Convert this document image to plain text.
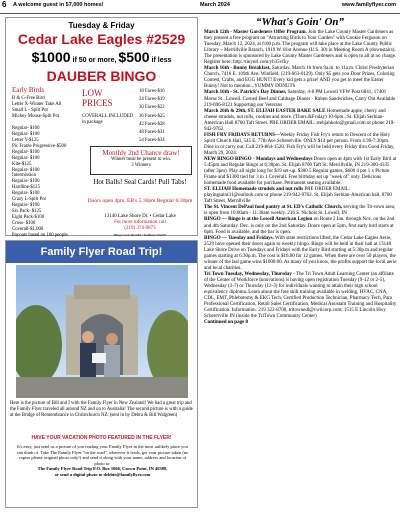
6 A welcome guest in 57,000 homes!	March 2024	www.familyflyer.com
Tuesday & Friday
Cedar Lake Eagles #2529
$1000 if 50 or more, $500 if less
DAUBER BINGO
Early Birds
B & G-Free Bird
Letter X-Winner Take All
Small L - Split Pot
Mickey Mouse-Split Pot

Regular- $100
Regular- $100
Letter Y-$125
Pic Frame Progressive-$500
Regular- $100
Regular- $100
Kite-$125
Regular- $100
Intermission
Regular- $100
Hardline-$125
Regular- $100
Crazy L-Split Pot
Regular- $100
Six Pack- $125
Eight Pack-$100
Cross- $100
Coverall-$1,000
Payouts based on 100 people
LOW PRICES
COVERALL INCLUDED in package
18 Faces-$16
24 Faces-$19
30 Faces-$22
36 Faces-$25
42 Faces-$28
48 Faces-$31
54 Faces-$34
Monthly 2nd Chance draw!
Winner must be present to win.
3 Winners
Hot Balls! Seal Cards! Pull Tabs!
Doors open 4pm. EB's 5:30pm Regular 6:30pm
13140 Lake Shore Dr. • Cedar Lake
For more information call
(219) 374-9873
Bingo Lic# 001087 • Raffle# 155076
Family Flyer Road Trip!
Here is the picture of Bill and I with the Family Flyer in New Zealand! We had a great trip and the Family Flyer traveled all around NZ and on to Australia! The second picture is with a guide at the Bridge of Remembrance in Christchurch NZ. (sent in by Debra & Bill Walgreen)
HAVE YOUR VACATION PHOTO FEATURED IN THE FLYER!
It's easy, just send us a picture of you reading your Family Flyer in the most unlikely place you can think of. Take The Family Flyer "on the road", wherever it leads, get your picture taken (no copies please original photo only!) and send it along with your name, address and location of photo to:
The Family Flyer Road Trip P.O. Box 1066, Crown Point, IN 46308,
or send a digital photo to debbie@familyflyer.com
“What's Goin' On”

March 12th - Master Gardeners Offer Program. Join the Lake County Master Gardeners as they present a free program on "Attracting Birds to Your Garden" with Cookie Ferguson on Tuesday, March 12, 2024, at 6:00 p.m. The program will take place at the Lake County Public Library – Merrillville Branch, 1919 W. 81st Avenue (U.S. 30) in Meeting Room A (downstairs). The presentation is sponsored by Lake County Master Gardeners and is open to all at no charge. Register here: http://tinyurl.com/yb35vfky

March 16th - Bunny Breakfast, Saturday, March 16 from 9a.m. to 11a.m. Christ Presbyterian Church, 7416 E. 109th Ave. Winfield. (219-663-0129). Only $5 gets you Door Prizes, Coloring Contest, Crafts, and EGG HUNT! Every kid gets a prize! AND you get to meet the Easter Bunny! Not to mention...YUMMY DONUTS

March 16th - St. Patrick's Day Dinner, Saturday, 4-8 PM Lowell VFW Post 6841, 17401 Morse St., Lowell. Corned Beef and Cabbage Dinner - Ruben Sandwiches, Carry Out Available 219-696-8121 Supporting our Veterans

March 26th & 29th, ST. ELIJAH EASTER BAKE SALE Homemade apple, cherry and cheese strudels, nut rolls, cookies and more. (Thurs.&Friday) 10-6pm., St. Elijah Serbian-American Hall 8700 Taft Street. PRE ORDER EMAIL: stelijahkolo@gmail.com or phone 219-942-9762.

FISH FRY FRIDAYS RETURNS—Weekly Friday Fish Fry's return to Descent of the Holy Spirit Church Hall, 545 E. 77th Ave.Schererville. ONLY $14 per person. From 4:30-7:30pm. Dine in or carry out. Call 219-864-1520. Fish Fry's will be held every Friday thru Good Friday, March 29, 2024.

NEW BINGO BINGO - Mondays and Wednesdays Doors open at 4pm with 1st Early Bird at 5:45pm and Regular Bingo at 6:30pm. St. Elijah 8700 Taft St. Merrillville, IN 219-300-4335 (after 3pm). Play all night long for $19 set-up. $300 5 Regular games, $600 4 pot 1 x Picture Frame and $1300 tied for 3 in 1 Coverall. Free birthday set up "week of" only. Delicious homemade food available for purchase. Permanent seating available.

ST. ELIJAH Homemade strudels and nut rolls PRE ORDER EMAIL: playingsaint31@outlook.com or phone 219-942-9762. St. Elijah Serbian-American hall, 8700 Taft Street, Merrillville

The St. Vincent DePaul food pantry at St. ED's Catholic Church, serving the Tri-town area, is open from 10:00am - 11:30am weekly. 216 S. Nichols St. Lowell, IN

BINGO — Bingo is at the Lowell American Legion on Route 2 Ian. through Nov. on the 2nd and 4th Saturday. Dec. is only on the 2nd Saturday. Doors open at 5pm, first early bird starts at 6pm. Food is available, and the bar is open.

BINGO — Tuesday and Fridays. With state restrictions lifted, the Cedar Lake Eagles Aerie, 2529 have opened their doors again to weekly bingo. Bingo will be held in their hall at 13140 Lake Shore Drive on Tuesdays and Fridays with the Early Bird starting at 5:30p.m and regular games starting at 6:30p.m. The cost is $16.00 for 12 games. When there are over 50 players, the winner of the last game wins $1000.00. As many of you know, the profits support the local aerie and local charities.

Tri Town Tuesday, Wednesday, Thursday - The Tri Town Adult Learning Center (an affiliate of the Center of Workforce Innovations) is having open registration Tuesday (9-12 or 2-5), Wednesday (3-7) or Thursday (12-3) for individuals wanting to attain their high school equivalency diploma. Learn about the free skill training available in welding, HVAC, CNA, CDL, EMT, Phlebotomy & EKG Tech, Certified Production Technician, Pharmacy Tech, Para Professional Certification, Retail Sales Certification, Medical Assistant Training and Hospitality Certification. Information: 219 322-8700, tritownedl@cwiicorp.com; 1515 E Lincoln Hwy Schererville IN (inside the TriTown Community Center)

Continued on page 8
